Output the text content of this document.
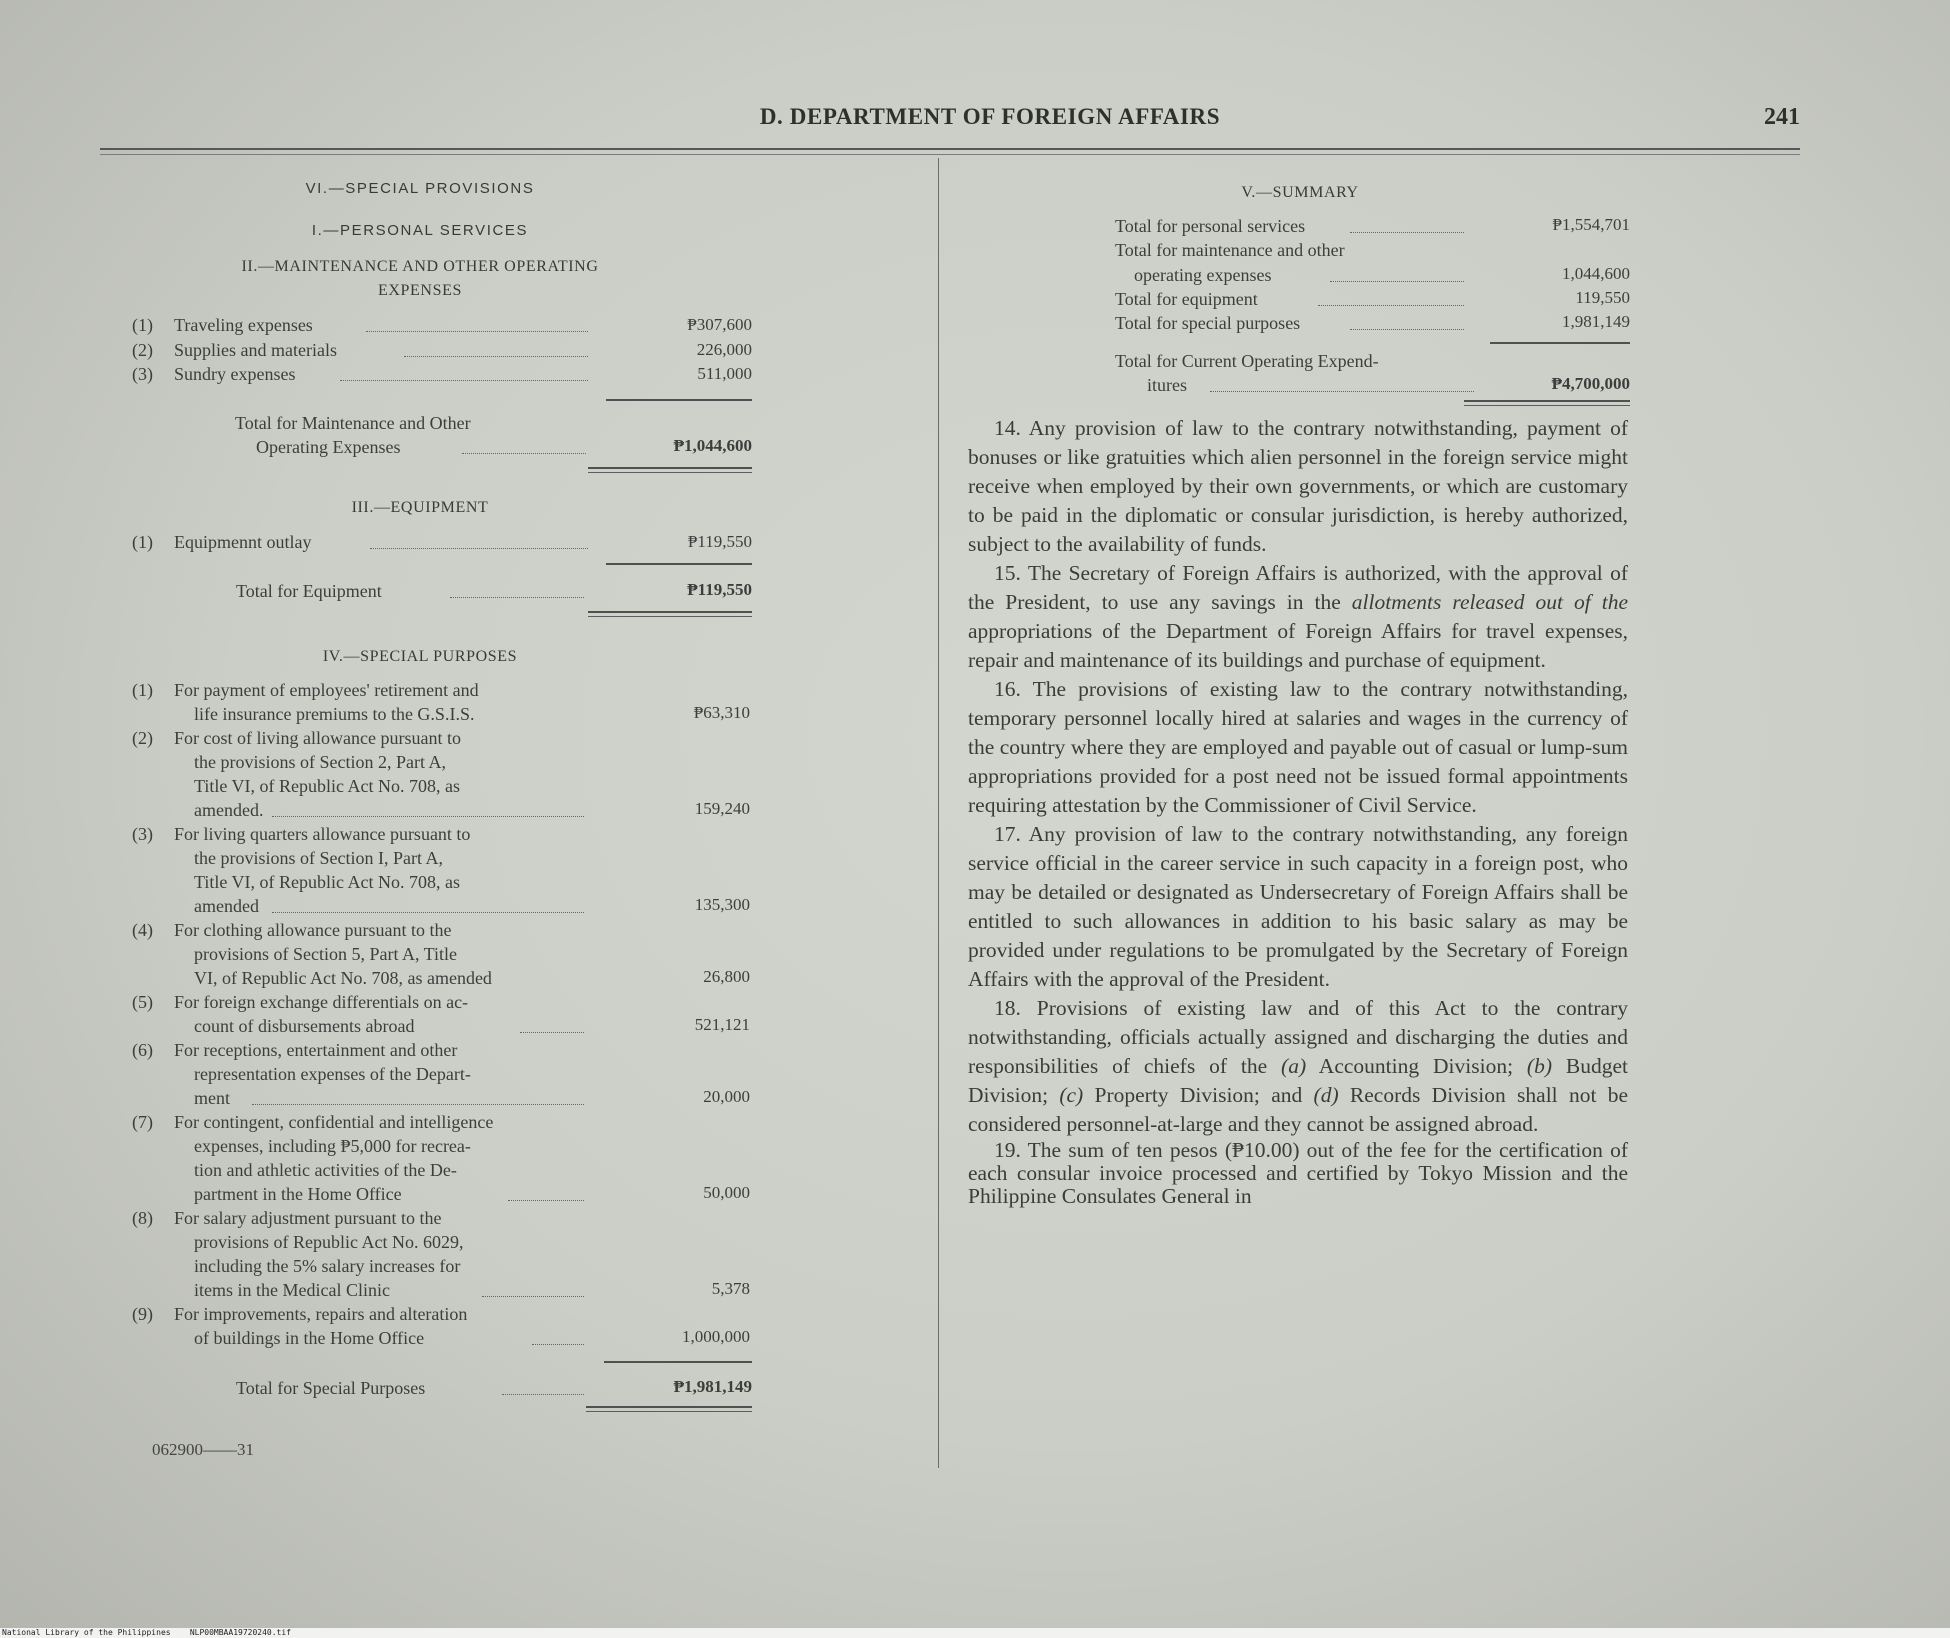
D. DEPARTMENT OF FOREIGN AFFAIRS	241
VI.—SPECIAL PROVISIONS
I.—PERSONAL SERVICES
II.—MAINTENANCE AND OTHER OPERATING
EXPENSES
(1) Traveling expenses	₱307,600
(2) Supplies and materials	226,000
(3) Sundry expenses	511,000
Total for Maintenance and Other
Operating Expenses	₱1,044,600
III.—EQUIPMENT
(1) Equipmennt outlay	₱119,550
Total for Equipment	₱119,550
IV.—SPECIAL PURPOSES
(1) For payment of employees' retirement and
life insurance premiums to the G.S.I.S.	₱63,310
(2) For cost of living allowance pursuant to
the provisions of Section 2, Part A,
Title VI, of Republic Act No. 708, as
amended.	159,240
(3) For living quarters allowance pursuant to
the provisions of Section I, Part A,
Title VI, of Republic Act No. 708, as
amended	135,300
(4) For clothing allowance pursuant to the
provisions of Section 5, Part A, Title
VI, of Republic Act No. 708, as amended	26,800
(5) For foreign exchange differentials on ac-
count of disbursements abroad	521,121
(6) For receptions, entertainment and other
representation expenses of the Depart-
ment	20,000
(7) For contingent, confidential and intelligence
expenses, including ₱5,000 for recrea-
tion and athletic activities of the De-
partment in the Home Office	50,000
(8) For salary adjustment pursuant to the
provisions of Republic Act No. 6029,
including the 5% salary increases for
items in the Medical Clinic	5,378
(9) For improvements, repairs and alteration
of buildings in the Home Office	1,000,000
Total for Special Purposes	₱1,981,149
062900——31
V.—SUMMARY
Total for personal services	₱1,554,701
Total for maintenance and other
operating expenses	1,044,600
Total for equipment	119,550
Total for special purposes	1,981,149
Total for Current Operating Expend-
itures	₱4,700,000

14. Any provision of law to the contrary notwithstanding, payment of bonuses or like gratuities which alien personnel in the foreign service might receive when employed by their own governments, or which are customary to be paid in the diplomatic or consular jurisdiction, is hereby authorized, subject to the availability of funds.

15. The Secretary of Foreign Affairs is authorized, with the approval of the President, to use any savings in the allotments released out of the appropriations of the Department of Foreign Affairs for travel expenses, repair and maintenance of its buildings and purchase of equipment.

16. The provisions of existing law to the contrary notwithstanding, temporary personnel locally hired at salaries and wages in the currency of the country where they are employed and payable out of casual or lump-sum appropriations provided for a post need not be issued formal appointments requiring attestation by the Commissioner of Civil Service.

17. Any provision of law to the contrary notwithstanding, any foreign service official in the career service in such capacity in a foreign post, who may be detailed or designated as Undersecretary of Foreign Affairs shall be entitled to such allowances in addition to his basic salary as may be provided under regulations to be promulgated by the Secretary of Foreign Affairs with the approval of the President.

18. Provisions of existing law and of this Act to the contrary notwithstanding, officials actually assigned and discharging the duties and responsibilities of chiefs of the (a) Accounting Division; (b) Budget Division; (c) Property Division; and (d) Records Division shall not be considered personnel-at-large and they cannot be assigned abroad.

19. The sum of ten pesos (₱10.00) out of the fee for the certification of each consular invoice processed and certified by Tokyo Mission and the Philippine Consulates General in

National Library of the Philippines    NLP00MBAA19720240.tif
